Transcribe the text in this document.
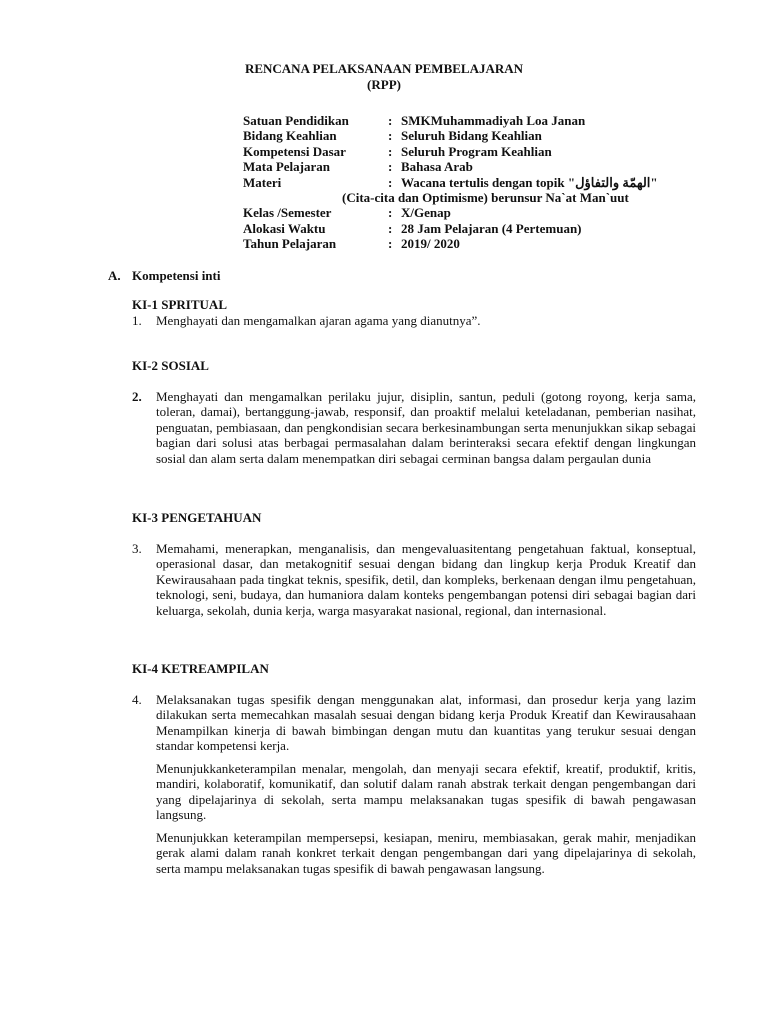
RENCANA PELAKSANAAN PEMBELAJARAN
(RPP)
Satuan Pendidikan	: SMKMuhammadiyah Loa Janan
Bidang Keahlian	: Seluruh Bidang Keahlian
Kompetensi Dasar	: Seluruh Program Keahlian
Mata Pelajaran	: Bahasa Arab
Materi	: Wacana tertulis dengan topik "الهمّة والتفاؤل"
(Cita-cita dan Optimisme) berunsur Na`at Man`uut
Kelas /Semester	: X/Genap
Alokasi Waktu	: 28 Jam Pelajaran (4 Pertemuan)
Tahun Pelajaran	: 2019/ 2020
A. Kompetensi inti
KI-1 SPRITUAL
1.	Menghayati dan mengamalkan ajaran agama yang dianutnya”.
KI-2 SOSIAL
2.	Menghayati dan mengamalkan perilaku jujur, disiplin, santun, peduli (gotong royong, kerja sama, toleran, damai), bertanggung-jawab, responsif, dan proaktif melalui keteladanan, pemberian nasihat, penguatan, pembiasaan, dan pengkondisian secara berkesinambungan serta menunjukkan sikap sebagai bagian dari solusi atas berbagai permasalahan dalam berinteraksi secara efektif dengan lingkungan sosial dan alam serta dalam menempatkan diri sebagai cerminan bangsa dalam pergaulan dunia
KI-3 PENGETAHUAN
3.	Memahami, menerapkan, menganalisis, dan mengevaluasitentang pengetahuan faktual, konseptual, operasional dasar, dan metakognitif sesuai dengan bidang dan lingkup kerja Produk Kreatif dan Kewirausahaan pada tingkat teknis, spesifik, detil, dan kompleks, berkenaan dengan ilmu pengetahuan, teknologi, seni, budaya, dan humaniora dalam konteks pengembangan potensi diri sebagai bagian dari keluarga, sekolah, dunia kerja, warga masyarakat nasional, regional, dan internasional.
KI-4 KETREAMPILAN
4.	Melaksanakan tugas spesifik dengan menggunakan alat, informasi, dan prosedur kerja yang lazim dilakukan serta memecahkan masalah sesuai dengan bidang kerja Produk Kreatif dan Kewirausahaan Menampilkan kinerja di bawah bimbingan dengan mutu dan kuantitas yang terukur sesuai dengan standar kompetensi kerja.
Menunjukkanketerampilan menalar, mengolah, dan menyaji secara efektif, kreatif, produktif, kritis, mandiri, kolaboratif, komunikatif, dan solutif dalam ranah abstrak terkait dengan pengembangan dari yang dipelajarinya di sekolah, serta mampu melaksanakan tugas spesifik di bawah pengawasan langsung.
Menunjukkan keterampilan mempersepsi, kesiapan, meniru, membiasakan, gerak mahir, menjadikan gerak alami dalam ranah konkret terkait dengan pengembangan dari yang dipelajarinya di sekolah, serta mampu melaksanakan tugas spesifik di bawah pengawasan langsung.
